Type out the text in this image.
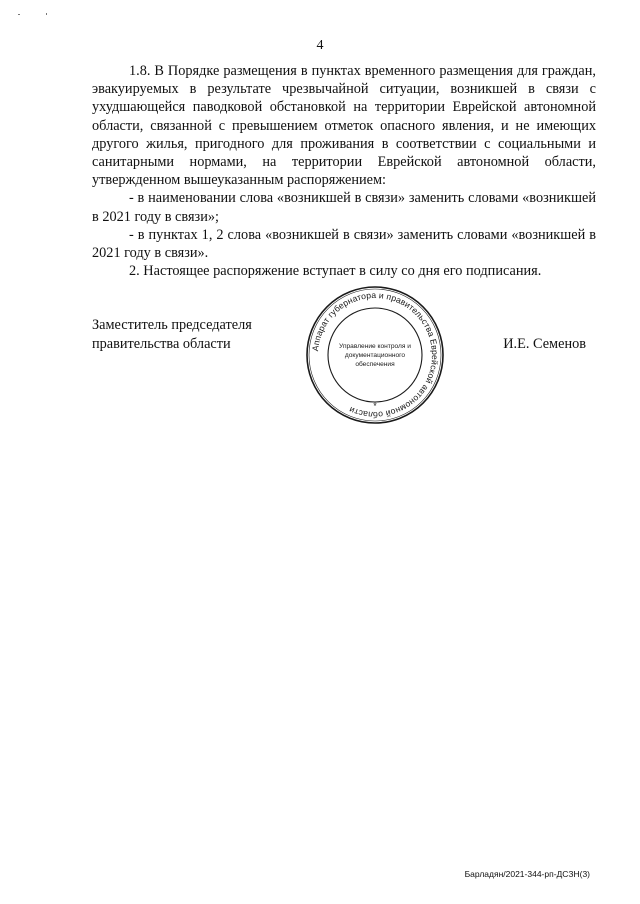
4

1.8. В Порядке размещения в пунктах временного размещения для граждан, эвакуируемых в результате чрезвычайной ситуации, возникшей в связи с ухудшающейся паводковой обстановкой на территории Еврейской автономной области, связанной с превышением отметок опасного явления, и не имеющих другого жилья, пригодного для проживания в соответствии с социальными и санитарными нормами, на территории Еврейской автономной области, утвержденном вышеуказанным распоряжением:

- в наименовании слова «возникшей в связи» заменить словами «возникшей в 2021 году в связи»;

- в пунктах 1, 2 слова «возникшей в связи» заменить словами «возникшей в 2021 году в связи».

2. Настоящее распоряжение вступает в силу со дня его подписания.

Заместитель председателя
правительства области	Аппарат губернатора и правительства Еврейской автономной области
Управление контроля и
документационного
обеспечения
*
И.Е. Семенов
Барладян/2021-344-рп-ДСЗН(3)
